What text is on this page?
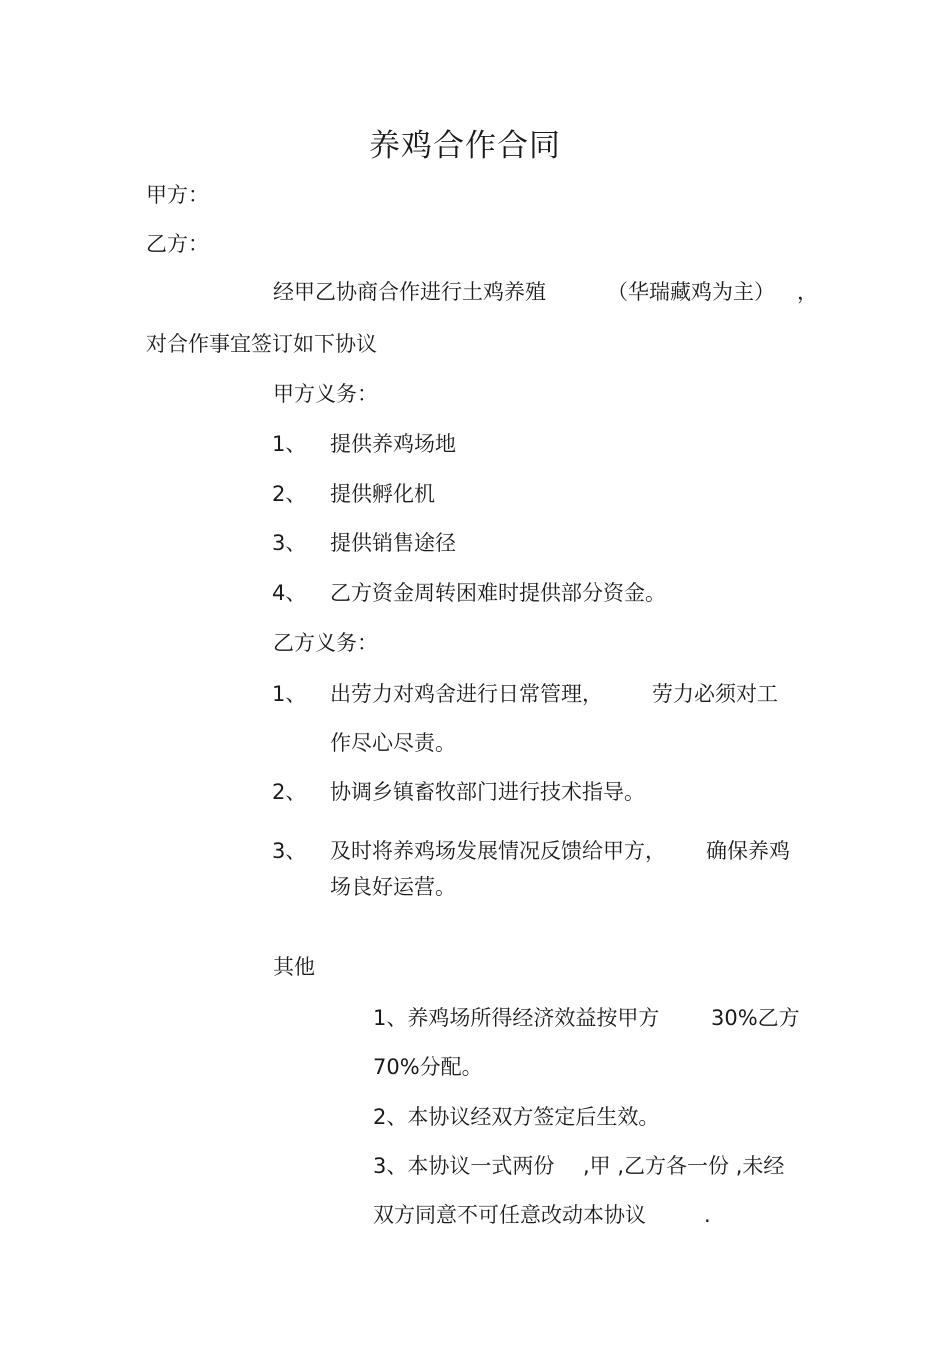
养鸡合作合同
甲方：
乙方：
经甲乙协商合作进行土鸡养殖	（华瑞藏鸡为主） ，
对合作事宜签订如下协议
甲方义务：
1、 提供养鸡场地
2、 提供孵化机
3、 提供销售途径
4、 乙方资金周转困难时提供部分资金。
乙方义务：
1、 出劳力对鸡舍进行日常管理， 劳力必须对工
作尽心尽责。
2、 协调乡镇畜牧部门进行技术指导。
3、 及时将养鸡场发展情况反馈给甲方， 确保养鸡
场良好运营。
其他
1、养鸡场所得经济效益按甲方 30%乙方
70%分配。
2、本协议经双方签定后生效。
3、本协议一式两份 ,甲 ,乙方各一份 ,未经
双方同意不可任意改动本协议	.
